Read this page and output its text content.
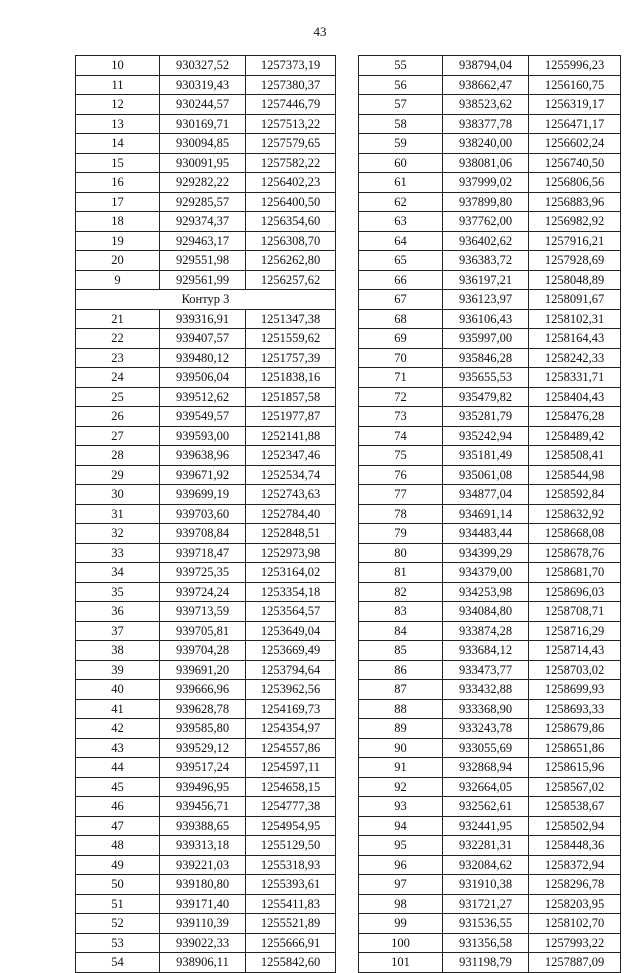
43
10	930327,52	1257373,19
11	930319,43	1257380,37
12	930244,57	1257446,79
13	930169,71	1257513,22
14	930094,85	1257579,65
15	930091,95	1257582,22
16	929282,22	1256402,23
17	929285,57	1256400,50
18	929374,37	1256354,60
19	929463,17	1256308,70
20	929551,98	1256262,80
9	929561,99	1256257,62
Контур 3		
21	939316,91	1251347,38
22	939407,57	1251559,62
23	939480,12	1251757,39
24	939506,04	1251838,16
25	939512,62	1251857,58
26	939549,57	1251977,87
27	939593,00	1252141,88
28	939638,96	1252347,46
29	939671,92	1252534,74
30	939699,19	1252743,63
31	939703,60	1252784,40
32	939708,84	1252848,51
33	939718,47	1252973,98
34	939725,35	1253164,02
35	939724,24	1253354,18
36	939713,59	1253564,57
37	939705,81	1253649,04
38	939704,28	1253669,49
39	939691,20	1253794,64
40	939666,96	1253962,56
41	939628,78	1254169,73
42	939585,80	1254354,97
43	939529,12	1254557,86
44	939517,24	1254597,11
45	939496,95	1254658,15
46	939456,71	1254777,38
47	939388,65	1254954,95
48	939313,18	1255129,50
49	939221,03	1255318,93
50	939180,80	1255393,61
51	939171,40	1255411,83
52	939110,39	1255521,89
53	939022,33	1255666,91
54	938906,11	1255842,60
55	938794,04	1255996,23
56	938662,47	1256160,75
57	938523,62	1256319,17
58	938377,78	1256471,17
59	938240,00	1256602,24
60	938081,06	1256740,50
61	937999,02	1256806,56
62	937899,80	1256883,96
63	937762,00	1256982,92
64	936402,62	1257916,21
65	936383,72	1257928,69
66	936197,21	1258048,89
67	936123,97	1258091,67
68	936106,43	1258102,31
69	935997,00	1258164,43
70	935846,28	1258242,33
71	935655,53	1258331,71
72	935479,82	1258404,43
73	935281,79	1258476,28
74	935242,94	1258489,42
75	935181,49	1258508,41
76	935061,08	1258544,98
77	934877,04	1258592,84
78	934691,14	1258632,92
79	934483,44	1258668,08
80	934399,29	1258678,76
81	934379,00	1258681,70
82	934253,98	1258696,03
83	934084,80	1258708,71
84	933874,28	1258716,29
85	933684,12	1258714,43
86	933473,77	1258703,02
87	933432,88	1258699,93
88	933368,90	1258693,33
89	933243,78	1258679,86
90	933055,69	1258651,86
91	932868,94	1258615,96
92	932664,05	1258567,02
93	932562,61	1258538,67
94	932441,95	1258502,94
95	932281,31	1258448,36
96	932084,62	1258372,94
97	931910,38	1258296,78
98	931721,27	1258203,95
99	931536,55	1258102,70
100	931356,58	1257993,22
101	931198,79	1257887,09
